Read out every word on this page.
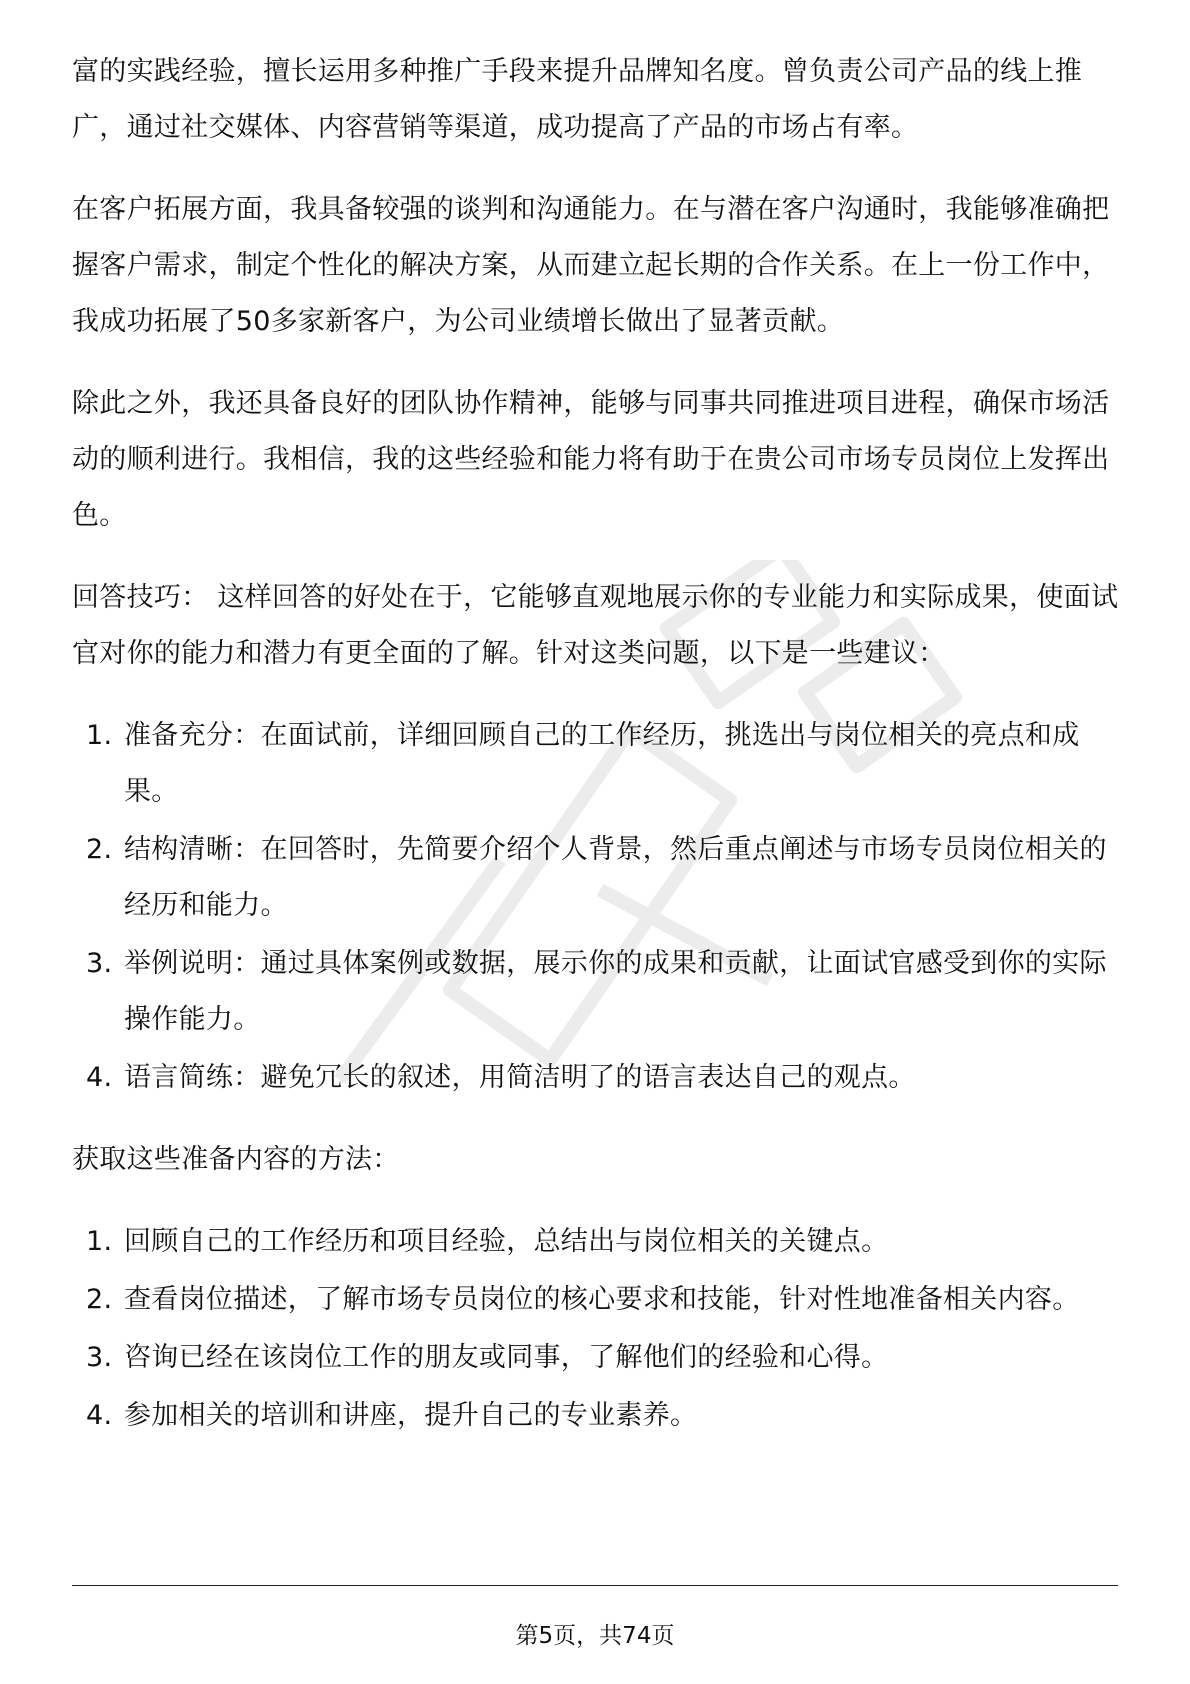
富的实践经验，擅长运用多种推广手段来提升品牌知名度。曾负责公司产品的线上推广，通过社交媒体、内容营销等渠道，成功提高了产品的市场占有率。

在客户拓展方面，我具备较强的谈判和沟通能力。在与潜在客户沟通时，我能够准确把握客户需求，制定个性化的解决方案，从而建立起长期的合作关系。在上一份工作中，我成功拓展了50多家新客户，为公司业绩增长做出了显著贡献。

除此之外，我还具备良好的团队协作精神，能够与同事共同推进项目进程，确保市场活动的顺利进行。我相信，我的这些经验和能力将有助于在贵公司市场专员岗位上发挥出色。

回答技巧： 这样回答的好处在于，它能够直观地展示你的专业能力和实际成果，使面试官对你的能力和潜力有更全面的了解。针对这类问题，以下是一些建议：

1. 准备充分：在面试前，详细回顾自己的工作经历，挑选出与岗位相关的亮点和成果。
2. 结构清晰：在回答时，先简要介绍个人背景，然后重点阐述与市场专员岗位相关的经历和能力。
3. 举例说明：通过具体案例或数据，展示你的成果和贡献，让面试官感受到你的实际操作能力。
4. 语言简练：避免冗长的叙述，用简洁明了的语言表达自己的观点。

获取这些准备内容的方法：

1. 回顾自己的工作经历和项目经验，总结出与岗位相关的关键点。
2. 查看岗位描述，了解市场专员岗位的核心要求和技能，针对性地准备相关内容。
3. 咨询已经在该岗位工作的朋友或同事，了解他们的经验和心得。
4. 参加相关的培训和讲座，提升自己的专业素养。
第5页，共74页
